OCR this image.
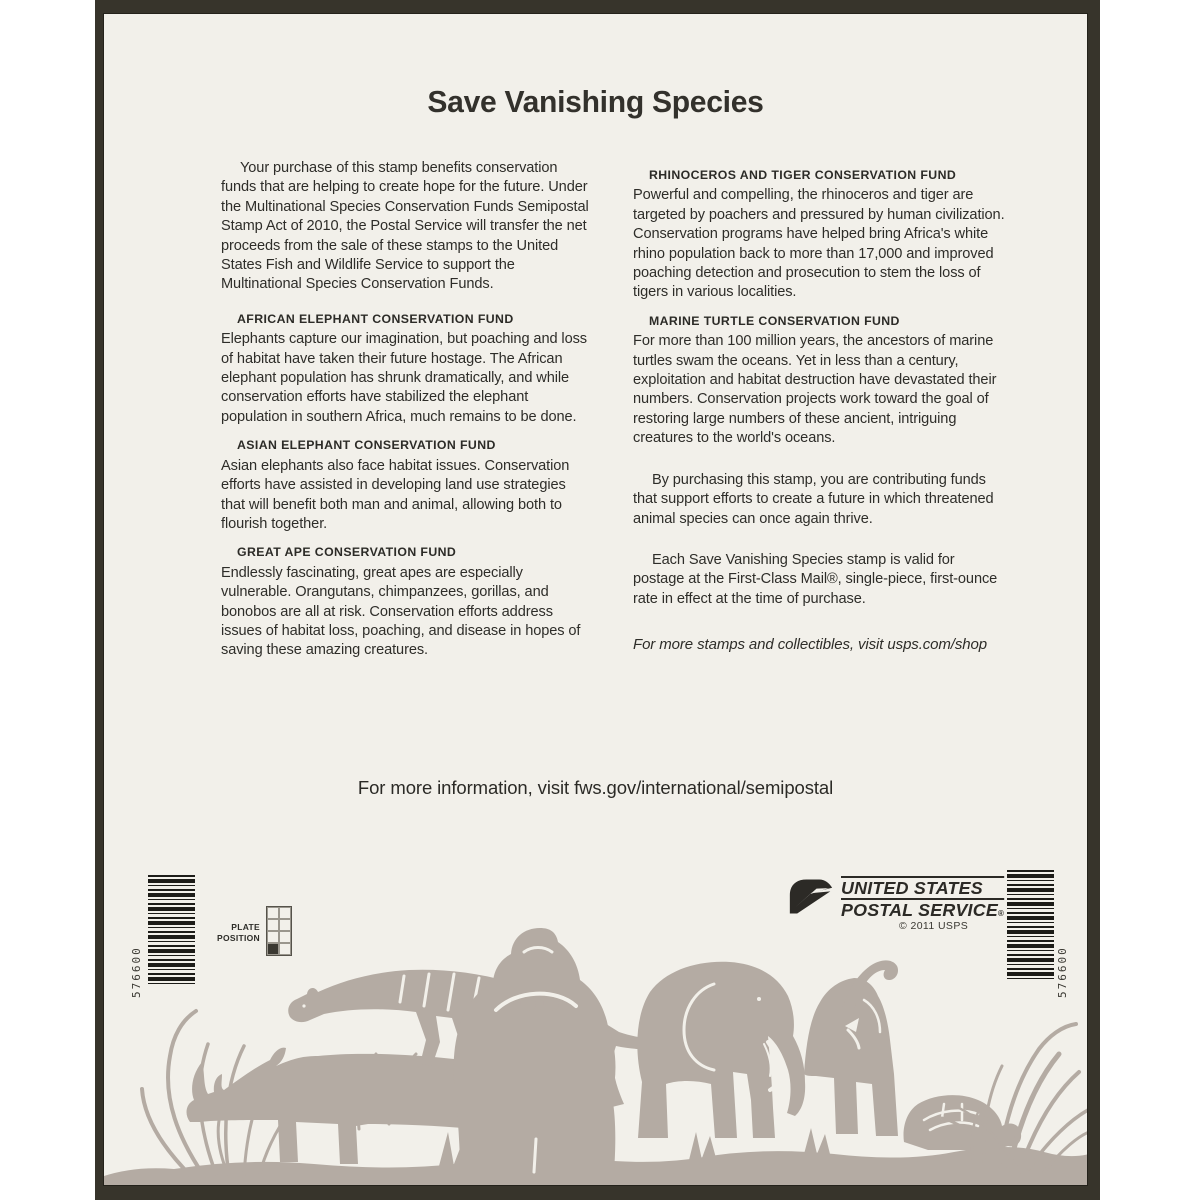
Save Vanishing Species

Your purchase of this stamp benefits conservation funds that are helping to create hope for the future. Under the Multinational Species Conservation Funds Semipostal Stamp Act of 2010, the Postal Service will transfer the net proceeds from the sale of these stamps to the United States Fish and Wildlife Service to support the Multinational Species Conservation Funds.

AFRICAN ELEPHANT CONSERVATION FUND

Elephants capture our imagination, but poaching and loss of habitat have taken their future hostage. The African elephant population has shrunk dramatically, and while conservation efforts have stabilized the elephant population in southern Africa, much remains to be done.

ASIAN ELEPHANT CONSERVATION FUND

Asian elephants also face habitat issues. Conservation efforts have assisted in developing land use strategies that will benefit both man and animal, allowing both to flourish together.

GREAT APE CONSERVATION FUND

Endlessly fascinating, great apes are especially vulnerable. Orangutans, chimpanzees, gorillas, and bonobos are all at risk. Conservation efforts address issues of habitat loss, poaching, and disease in hopes of saving these amazing creatures.

RHINOCEROS AND TIGER CONSERVATION FUND

Powerful and compelling, the rhinoceros and tiger are targeted by poachers and pressured by human civilization. Conservation programs have helped bring Africa's white rhino population back to more than 17,000 and improved poaching detection and prosecution to stem the loss of tigers in various localities.

MARINE TURTLE CONSERVATION FUND

For more than 100 million years, the ancestors of marine turtles swam the oceans. Yet in less than a century, exploitation and habitat destruction have devastated their numbers. Conservation projects work toward the goal of restoring large numbers of these ancient, intriguing creatures to the world's oceans.

By purchasing this stamp, you are contributing funds that support efforts to create a future in which threatened animal species can once again thrive.

Each Save Vanishing Species stamp is valid for postage at the First-Class Mail®, single-piece, first-ounce rate in effect at the time of purchase.

For more stamps and collectibles, visit usps.com/shop

For more information, visit fws.gov/international/semipostal
576600
PLATE
POSITION
UNITED STATES
POSTAL SERVICE®
© 2011 USPS
576600
